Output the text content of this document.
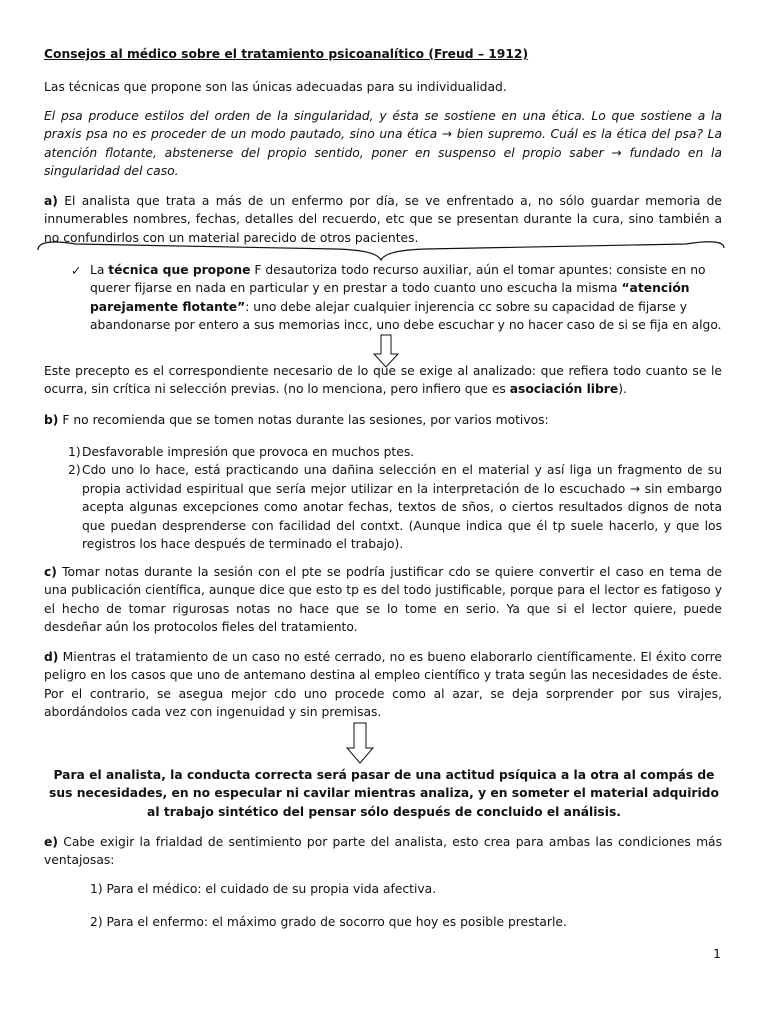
Consejos al médico sobre el tratamiento psicoanalítico (Freud – 1912)

Las técnicas que propone son las únicas adecuadas para su individualidad.

El psa produce estilos del orden de la singularidad, y ésta se sostiene en una ética. Lo que sostiene a la praxis psa no es proceder de un modo pautado, sino una ética → bien supremo. Cuál es la ética del psa? La atención flotante, abstenerse del propio sentido, poner en suspenso el propio saber → fundado en la singularidad del caso.

a) El analista que trata a más de un enfermo por día, se ve enfrentado a, no sólo guardar memoria de innumerables nombres, fechas, detalles del recuerdo, etc que se presentan durante la cura, sino también a no confundirlos con un material parecido de otros pacientes.

✓ La técnica que propone F desautoriza todo recurso auxiliar, aún el tomar apuntes: consiste en no querer fijarse en nada en particular y en prestar a todo cuanto uno escucha la misma “atención parejamente flotante”: uno debe alejar cualquier injerencia cc sobre su capacidad de fijarse y abandonarse por entero a sus memorias incc, uno debe escuchar y no hacer caso de si se fija en algo.

Este precepto es el correspondiente necesario de lo que se exige al analizado: que refiera todo cuanto se le ocurra, sin crítica ni selección previas. (no lo menciona, pero infiero que es asociación libre).

b) F no recomienda que se tomen notas durante las sesiones, por varios motivos:

1) Desfavorable impresión que provoca en muchos ptes.
2) Cdo uno lo hace, está practicando una dañina selección en el material y así liga un fragmento de su propia actividad espiritual que sería mejor utilizar en la interpretación de lo escuchado → sin embargo acepta algunas excepciones como anotar fechas, textos de sños, o ciertos resultados dignos de nota que puedan desprenderse con facilidad del contxt. (Aunque indica que él tp suele hacerlo, y que los registros los hace después de terminado el trabajo).

c) Tomar notas durante la sesión con el pte se podría justificar cdo se quiere convertir el caso en tema de una publicación científica, aunque dice que esto tp es del todo justificable, porque para el lector es fatigoso y el hecho de tomar rigurosas notas no hace que se lo tome en serio. Ya que si el lector quiere, puede desdeñar aún los protocolos fieles del tratamiento.

d) Mientras el tratamiento de un caso no esté cerrado, no es bueno elaborarlo científicamente. El éxito corre peligro en los casos que uno de antemano destina al empleo científico y trata según las necesidades de éste. Por el contrario, se asegua mejor cdo uno procede como al azar, se deja sorprender por sus virajes, abordándolos cada vez con ingenuidad y sin premisas.

Para el analista, la conducta correcta será pasar de una actitud psíquica a la otra al compás de sus necesidades, en no especular ni cavilar mientras analiza, y en someter el material adquirido al trabajo sintético del pensar sólo después de concluido el análisis.

e) Cabe exigir la frialdad de sentimiento por parte del analista, esto crea para ambas las condiciones más ventajosas:

1) Para el médico: el cuidado de su propia vida afectiva.

2) Para el enfermo: el máximo grado de socorro que hoy es posible prestarle.

1
